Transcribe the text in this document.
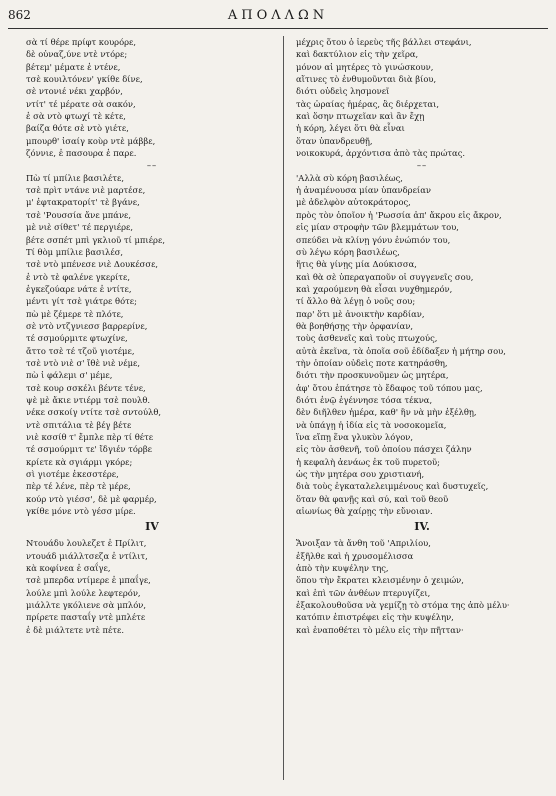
862	ΑΠΟΛΛΩΝ
σὰ τί θέρε πρίφτ κουρόρε,
δὲ οὐναζ,ύνε ντὲ ντόρε;
βέτεμ' μέματε ἐ ντένε,
τσὲ κουιλτόνεν' γκίθε δίνε,
σὲ ντονιέ νέκι χαρβόν,
ντίτ' τέ μέρατε σὰ σακόν,
ἐ σὰ ντὸ φτωχί τὲ κέτε,
βαίζα θότε σὲ ντὸ γιέτε,
μπουρθ' ἰσαίγ κοὺρ ντὲ μάββε,
ζόννιε, ἐ πασουρα ἐ παρε.
––
Πὼ τί μπίλιε βασιλέτε,
τσὲ πρὶτ ντάνε νιὲ μαρτέσε,
μ' ἐφτακρατορίτ' τὲ βγάνε,
τσὲ 'Ρουσσία ἄνε μπάνε,
μὲ νιὲ σίθετ' τέ περγιέρε,
βέτε σσπέτ μπὶ γκλιοῦ τί μπιέρε,
Τί θὸμ μπίλιε βασιλέσ,
τσὲ ντὸ μπένεσε νιὲ Δουκέσσε,
ἐ ντὸ τὲ φαλένε γκερίτε,
ἐγκεζούαρε νάτε ἐ ντίτε,
μέντι γίτ τσὲ γιάτρε θότε;
πὼ μὲ ζέμερε τὲ πλότε,
σὲ ντὸ ντζγνιεσσ βαρρερίνε,
τέ σσμούρμιτε φτωχίνε,
ἄττο τσὲ τέ τζοῦ γιοτέμε,
τσὲ ντὸ νιὲ σ' ἴθὲ νιὲ νέμε,
πὼ ἰ φάλεμι σ' μέμε,
τσὲ κουρ σσκέλι βέντε τένε,
ψὲ μὲ ἄκιε ντιέρμ τσὲ πουλθ.
νέκε σσκοίγ ντίτε τσὲ σντούλθ,
ντὲ σπιτάλια τὲ βέγ βέτε
νιὲ κσσίθ τ' ἔμπλε πὲρ τί θέτε
τέ σσμούρμιτ τε' ἴδγιέν τόρβε
κρίετε κὰ σγιάρμι γκόρε;
σὶ γιοτέμε ἐκεσστέρε,
πὲρ τέ λένε, πὲρ τὲ μέρε,
κούρ ντὸ γιέσσ', δὲ μὲ φαρμέρ,
γκίθε μόνε ντὸ γέσσ μίρε.
IV
Ντουάδυ λουλεζετ ἐ Πρίλιτ,
ντουάδ μιάλλτσεζα ἐ ντίλιτ,
κὰ κοφίνεα ἐ σαΐγε,
τσὲ μπερδα ντίμερε ἐ μπαΐγε,
λούλε μπὶ λούλε λεφτερόν,
μιάλλτε γκόλιενε σὰ μπλόν,
πρίρετε πασταΐγ ντὲ μπλέτε
ἐ δὲ μιάλτετε ντὲ πέτε.
μέχρις ὅτου ὁ ἱερεὺς τῆς βάλλει στεφάνι,
καὶ δακτύλιον εἰς τὴν χεῖρα,
μόνον αἱ μητέρες τὸ γινώσκουν,
αἵτινες τὸ ἐνθυμοῦνται διὰ βίου,
διότι οὐδεὶς λησμονεῖ
τὰς ὡραίας ἡμέρας, ἃς διέρχεται,
καὶ ὅσην πτωχεῖαν καὶ ἂν ἔχῃ
ἡ κόρη, λέγει ὅτι θὰ εἶναι
ὅταν ὑπανδρευθῇ,
νοικοκυρά, ἀρχόντισα ἀπὸ τὰς πρώτας.
––
'Αλλὰ σὺ κόρη βασιλέως,
ἡ ἀναμένουσα μίαν ὑπανδρείαν
μὲ ἀδελφὸν αὐτοκράτορος,
πρὸς τὸν ὁποῖον ἡ 'Ρωσσία ἀπ' ἄκρου εἰς ἄκρον,
εἰς μίαν στροφὴν τῶν βλεμμάτων του,
σπεύδει νὰ κλίνῃ γόνυ ἐνώπιόν του,
σὺ λέγω κόρη βασιλέως,
ἥτις θὰ γίνῃς μία Δούκισσα,
καὶ θὰ σὲ ὑπεραγαποῦν οἱ συγγενεῖς σου,
καὶ χαρούμενη θὰ εἶσαι νυχθημερόν,
τί ἄλλο θὰ λέγῃ ὁ νοῦς σου;
παρ' ὅτι μὲ ἀνοικτὴν καρδίαν,
θὰ βοηθήσῃς τὴν ὀρφανίαν,
τοὺς ἀσθενεῖς καὶ τοὺς πτωχούς,
αὐτὰ ἐκεῖνα, τὰ ὁποῖα σοῦ ἐδίδαξεν ἡ μήτηρ σου,
τὴν ὁποίαν οὐδεὶς ποτε κατηράσθη,
διότι τὴν προσκυνοῦμεν ὡς μητέρα,
ἀφ' ὅτου ἐπάτησε τὸ ἔδαφος τοῦ τόπου μας,
διότι ἐνῷ ἐγέννησε τόσα τέκνα,
δὲν διῆλθεν ἡμέρα, καθ' ἣν νὰ μὴν ἐξέλθῃ,
νὰ ὑπάγῃ ἡ ἰδία εἰς τὰ νοσοκομεῖα,
ἵνα εἴπῃ ἕνα γλυκὺν λόγον,
εἰς τὸν ἀσθενῆ, τοῦ ὁποίου πάσχει ζάλην
ἡ κεφαλὴ ἀενάως ἐκ τοῦ πυρετοῦ;
ὡς τὴν μητέρα σου χριστιανή,
διὰ τοὺς ἐγκαταλελειμμένους καὶ δυστυχεῖς,
ὅταν θὰ φανῇς καὶ σύ, καὶ τοῦ θεοῦ
αἰωνίως θὰ χαίρῃς τὴν εὔνοιαν.
IV.
Ἄνοιξαν τὰ ἄνθη τοῦ 'Απριλίου,
ἐξῆλθε καὶ ἡ χρυσομέλισσα
ἀπὸ τὴν κυψέλην της,
ὅπου τὴν ἔκρατει κλεισμένην ὁ χειμών,
καὶ ἐπὶ τῶν ἀνθέων πτερυγίζει,
ἐξακολουθοῦσα νὰ γεμίζῃ τὸ στόμα της ἀπὸ μέλυ·
κατόπιν ἐπιστρέφει εἰς τὴν κυψέλην,
καὶ ἐναποθέτει τὸ μέλυ εἰς τὴν πῆτταν·
